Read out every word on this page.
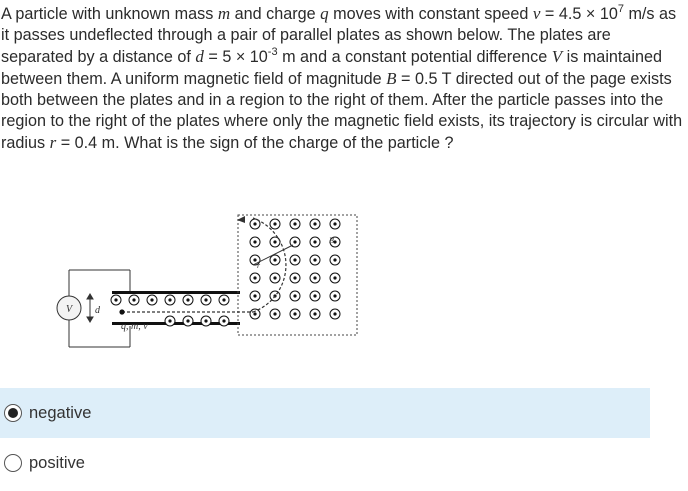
A particle with unknown mass m and charge q moves with constant speed $v = 4.5 \times 10^7$ m/s as it passes undeflected through a pair of parallel plates as shown below. The plates are separated by a distance of $d = 5 \times 10^{-3}$ m and a constant potential difference V is maintained between them. A uniform magnetic field of magnitude B = 0.5 T directed out of the page exists both between the plates and in a region to the right of them. After the particle passes into the region to the right of the plates where only the magnetic field exists, its trajectory is circular with radius r = 0.4 m. What is the sign of the charge of the particle ?
V d
r
B
q, m, v
negative
positive
